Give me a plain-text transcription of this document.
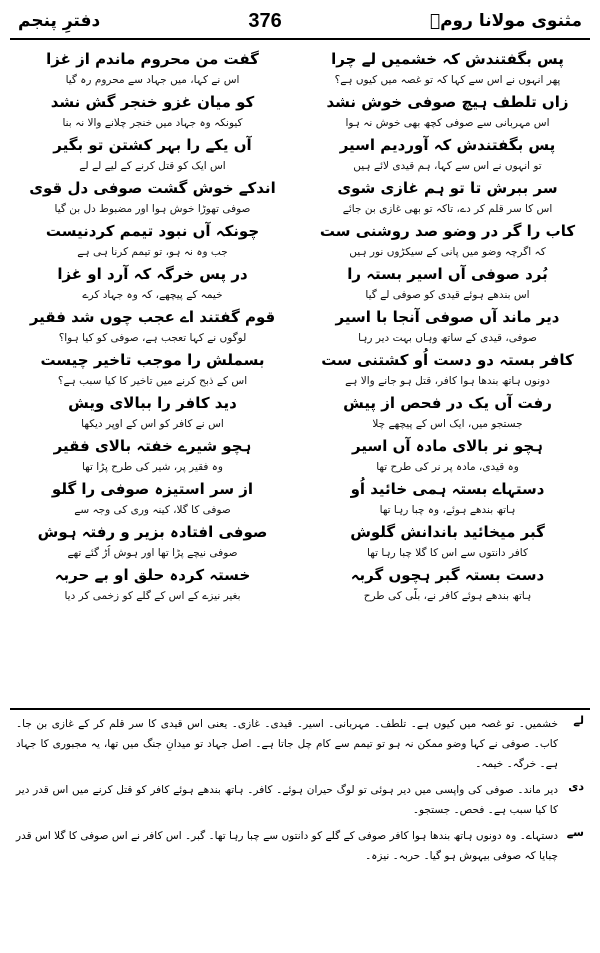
دفترِ پنجم	376	مثنوی مولانا رومؒ
پس بگفتندش کہ خشمیں لے چرا
پھر انہوں نے اس سے کہا کہ تو غصہ میں کیوں ہے؟
زاں تلطف ہیچ صوفی خوش نشد
اس مہربانی سے صوفی کچھ بھی خوش نہ ہوا
پس بگفتندش کہ آوردیم اسیر
تو انہوں نے اس سے کہا، ہم قیدی لائے ہیں
سر ببرش تا تو ہم غازی شوی
اس کا سر قلم کر دے، تاکہ تو بھی غازی بن جائے
کاب را گر در وضو صد روشنی ست
کہ اگرچہ وضو میں پانی کے سیکڑوں نور ہیں
بُرد صوفی آں اسیر بستہ را
اس بندھے ہوئے قیدی کو صوفی لے گیا
دیر ماند آں صوفی آنجا با اسیر
صوفی، قیدی کے ساتھ وہاں بہت دیر رہا
کافر بستہ دو دست اُو کشتنی ست
دونوں ہاتھ بندھا ہوا کافر، قتل ہو جانے والا ہے
رفت آں یک در فحص از پیش
جستجو میں، ایک اس کے پیچھے چلا
ہچو نر بالای مادہ آں اسیر
وہ قیدی، مادہ پر نر کی طرح تھا
دستہاے بستہ ہمی خائید اُو
ہاتھ بندھے ہوئے، وہ چبا رہا تھا
گبر میخائید باندانش گلوش
کافر دانتوں سے اس کا گلا چبا رہا تھا
دست بستہ گبر ہچوں گربہ
ہاتھ بندھے ہوئے کافر نے، بلّی کی طرح
گفت من محروم ماندم از غزا
اس نے کہا، میں جہاد سے محروم رہ گیا
کو میان غزو خنجر گش نشد
کیونکہ وہ جہاد میں خنجر چلانے والا نہ بنا
آں یکے را بہر کشتن تو بگیر
اس ایک کو قتل کرنے کے لیے لے لے
اندکے خوش گشت صوفی دل قوی
صوفی تھوڑا خوش ہوا اور مضبوط دل بن گیا
چونکہ آں نبود تیمم کردنیست
جب وہ نہ ہو، تو تیمم کرنا ہی ہے
در پس خرگہ کہ آرد او غزا
خیمہ کے پیچھے، کہ وہ جہاد کرے
قوم گفتند اے عجب چوں شد فقیر
لوگوں نے کہا تعجب ہے، صوفی کو کیا ہوا؟
بسملش را موجب تاخیر چیست
اس کے ذبح کرنے میں تاخیر کا کیا سبب ہے؟
دید کافر را ببالای ویش
اس نے کافر کو اس کے اوپر دیکھا
ہچو شیرے خفتہ بالای فقیر
وہ فقیر پر، شیر کی طرح پڑا تھا
از سر استیزہ صوفی را گلو
صوفی کا گلا، کینہ وری کی وجہ سے
صوفی افتادہ بزیر و رفتہ ہوش
صوفی نیچے پڑا تھا اور ہوش اُڑ گئے تھے
خستہ کردہ حلق او بے حربہ
بغیر نیزے کے اس کے گلے کو زخمی کر دیا
لے
خشمیں۔ تو غصہ میں کیوں ہے۔ تلطف۔ مہربانی۔ اسیر۔ قیدی۔ غازی۔ یعنی اس قیدی کا سر قلم کر کے غازی بن جا۔ کاب۔ صوفی نے کہا وضو ممکن نہ ہو تو تیمم سے کام چل جاتا ہے۔ اصل جہاد تو میدانِ جنگ میں تھا، یہ مجبوری کا جہاد ہے۔ خرگہ۔ خیمہ۔
دی
دیر ماند۔ صوفی کی واپسی میں دیر ہوئی تو لوگ حیران ہوئے۔ کافر۔ ہاتھ بندھے ہوئے کافر کو قتل کرنے میں اس قدر دیر کا کیا سبب ہے۔ فحص۔ جستجو۔
سے
دستہاے۔ وہ دونوں ہاتھ بندھا ہوا کافر صوفی کے گلے کو دانتوں سے چبا رہا تھا۔ گبر۔ اس کافر نے اس صوفی کا گلا اس قدر چبایا کہ صوفی بیہوش ہو گیا۔ حربہ۔ نیزہ۔
